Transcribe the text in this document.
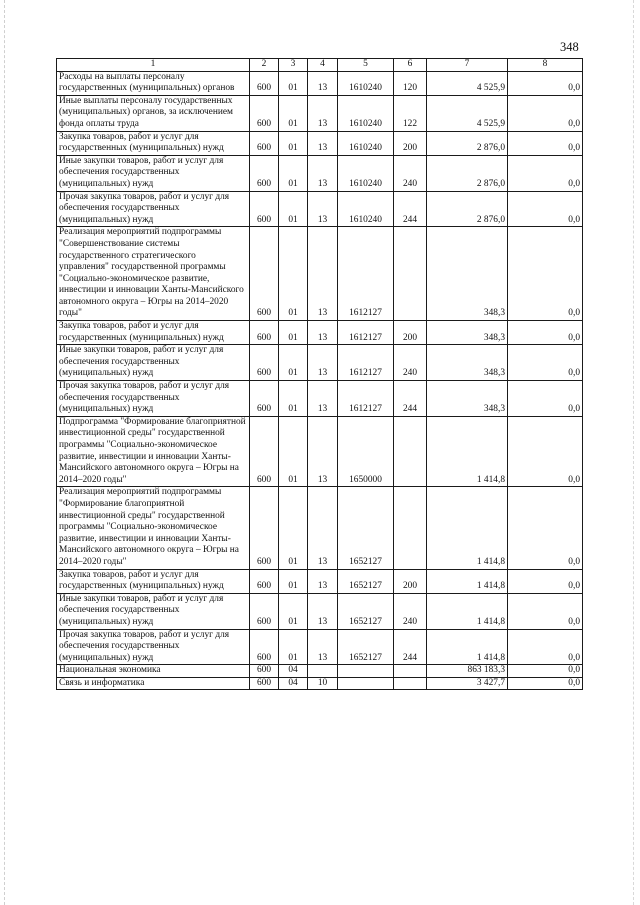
348
1	2	3	4	5	6	7	8
Расходы на выплаты персоналу государственных (муниципальных) органов	600	01	13	1610240	120	4 525,9	0,0
Иные выплаты персоналу государственных (муниципальных) органов, за исключением фонда оплаты труда	600	01	13	1610240	122	4 525,9	0,0
Закупка товаров, работ и услуг для государственных (муниципальных) нужд	600	01	13	1610240	200	2 876,0	0,0
Иные закупки товаров, работ и услуг для обеспечения государственных (муниципальных) нужд	600	01	13	1610240	240	2 876,0	0,0
Прочая закупка товаров, работ и услуг для обеспечения государственных (муниципальных) нужд	600	01	13	1610240	244	2 876,0	0,0
Реализация мероприятий подпрограммы "Совершенствование системы государственного стратегического управления" государственной программы "Социально-экономическое развитие, инвестиции и инновации Ханты-Мансийского автономного округа – Югры на 2014–2020 годы"	600	01	13	1612127		348,3	0,0
Закупка товаров, работ и услуг для государственных (муниципальных) нужд	600	01	13	1612127	200	348,3	0,0
Иные закупки товаров, работ и услуг для обеспечения государственных (муниципальных) нужд	600	01	13	1612127	240	348,3	0,0
Прочая закупка товаров, работ и услуг для обеспечения государственных (муниципальных) нужд	600	01	13	1612127	244	348,3	0,0
Подпрограмма "Формирование благоприятной инвестиционной среды" государственной программы "Социально-экономическое развитие, инвестиции и инновации Ханты-Мансийского автономного округа – Югры на 2014–2020 годы"	600	01	13	1650000		1 414,8	0,0
Реализация мероприятий подпрограммы "Формирование благоприятной инвестиционной среды" государственной программы "Социально-экономическое развитие, инвестиции и инновации Ханты-Мансийского автономного округа – Югры на 2014–2020 годы"	600	01	13	1652127		1 414,8	0,0
Закупка товаров, работ и услуг для государственных (муниципальных) нужд	600	01	13	1652127	200	1 414,8	0,0
Иные закупки товаров, работ и услуг для обеспечения государственных (муниципальных) нужд	600	01	13	1652127	240	1 414,8	0,0
Прочая закупка товаров, работ и услуг для обеспечения государственных (муниципальных) нужд	600	01	13	1652127	244	1 414,8	0,0
Национальная экономика	600	04				863 183,3	0,0
Связь и информатика	600	04	10			3 427,7	0,0
